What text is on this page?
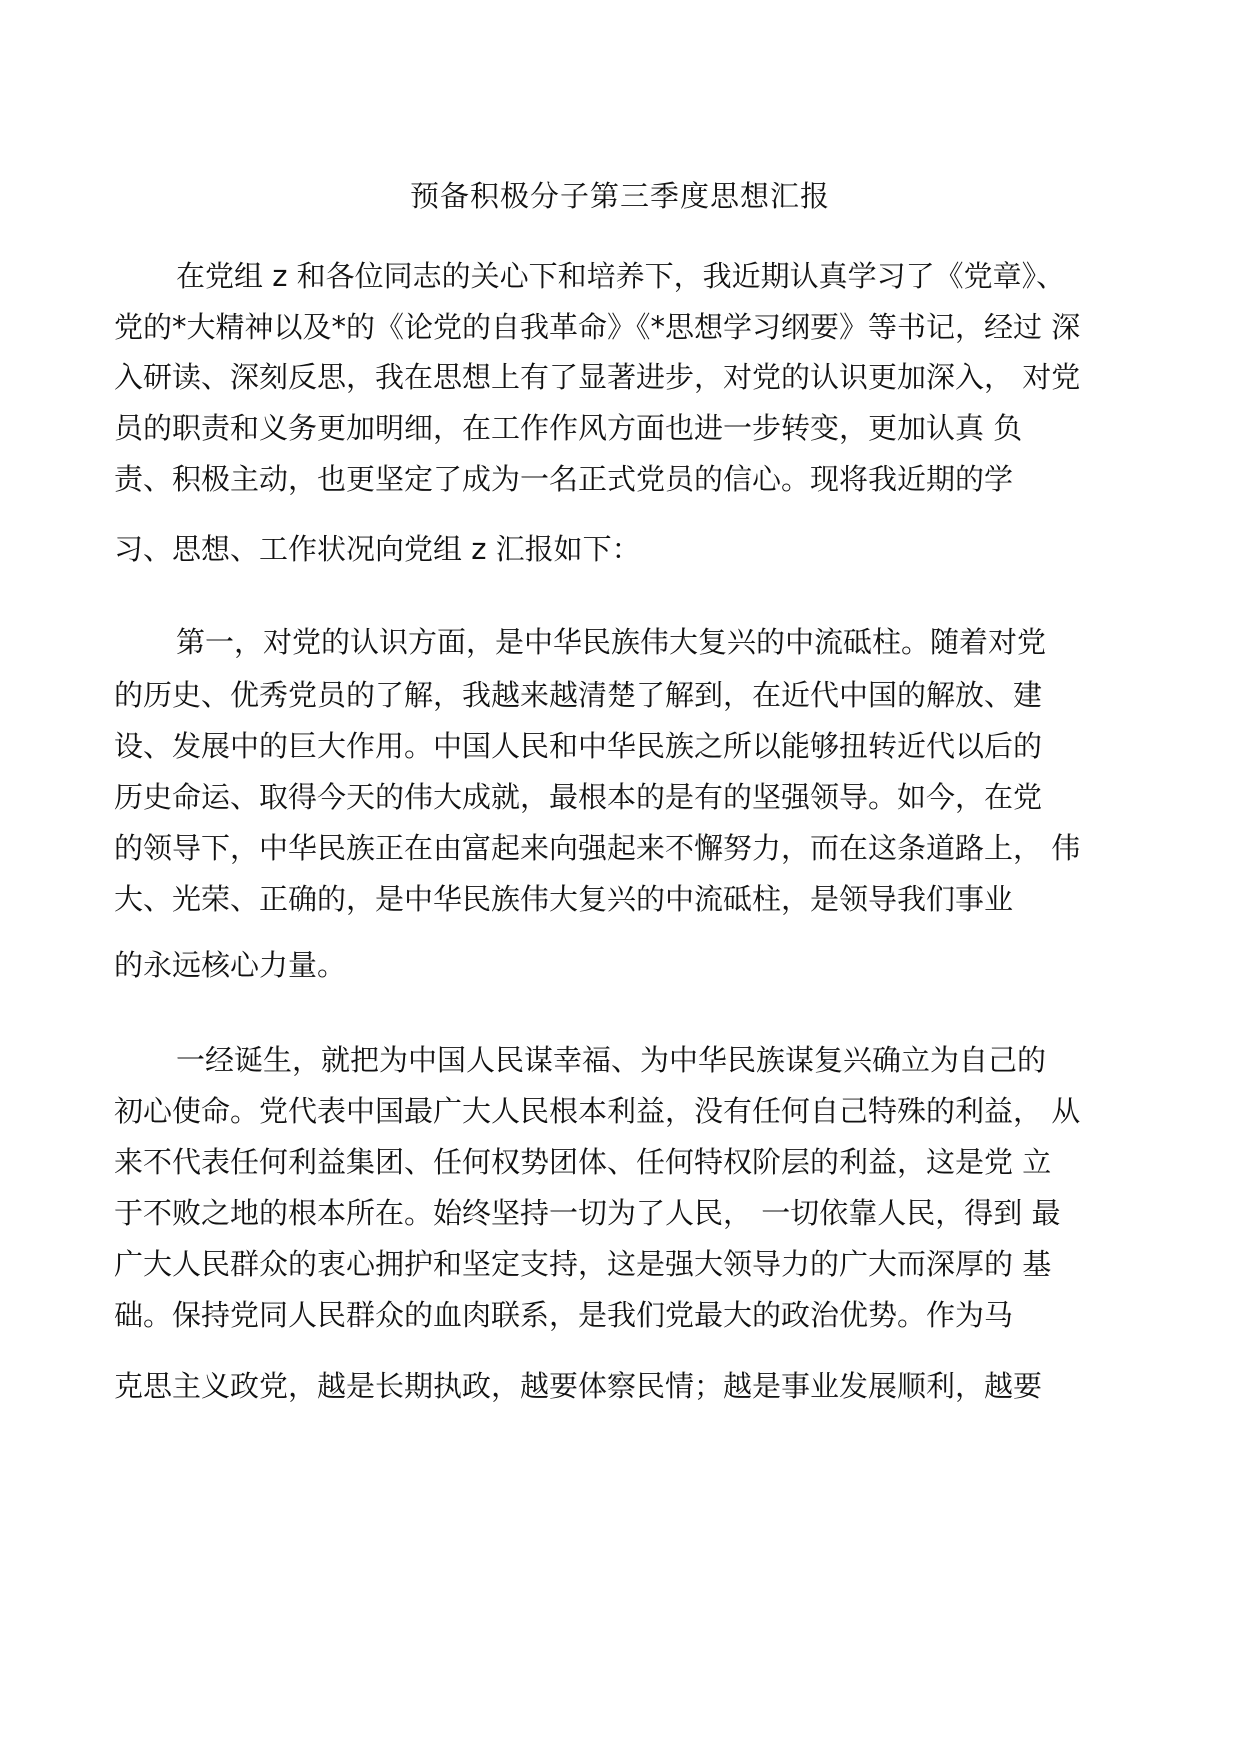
预备积极分子第三季度思想汇报
在党组 z 和各位同志的关心下和培养下，我近期认真学习了《党章》、
党的*大精神以及*的《论党的自我革命》《*思想学习纲要》等书记，经过 深
入研读、深刻反思，我在思想上有了显著进步，对党的认识更加深入， 对党
员的职责和义务更加明细，在工作作风方面也进一步转变，更加认真 负
责、积极主动，也更坚定了成为一名正式党员的信心。现将我近期的学
习、思想、工作状况向党组 z 汇报如下：
第一，对党的认识方面，是中华民族伟大复兴的中流砥柱。随着对党
的历史、优秀党员的了解，我越来越清楚了解到，在近代中国的解放、建
设、发展中的巨大作用。中国人民和中华民族之所以能够扭转近代以后的
历史命运、取得今天的伟大成就，最根本的是有的坚强领导。如今，在党
的领导下，中华民族正在由富起来向强起来不懈努力，而在这条道路上， 伟
大、光荣、正确的，是中华民族伟大复兴的中流砥柱，是领导我们事业
的永远核心力量。
一经诞生，就把为中国人民谋幸福、为中华民族谋复兴确立为自己的
初心使命。党代表中国最广大人民根本利益，没有任何自己特殊的利益， 从
来不代表任何利益集团、任何权势团体、任何特权阶层的利益，这是党 立
于不败之地的根本所在。始终坚持一切为了人民， 一切依靠人民，得到 最
广大人民群众的衷心拥护和坚定支持，这是强大领导力的广大而深厚的 基
础。保持党同人民群众的血肉联系，是我们党最大的政治优势。作为马
克思主义政党，越是长期执政，越要体察民情；越是事业发展顺利，越要
